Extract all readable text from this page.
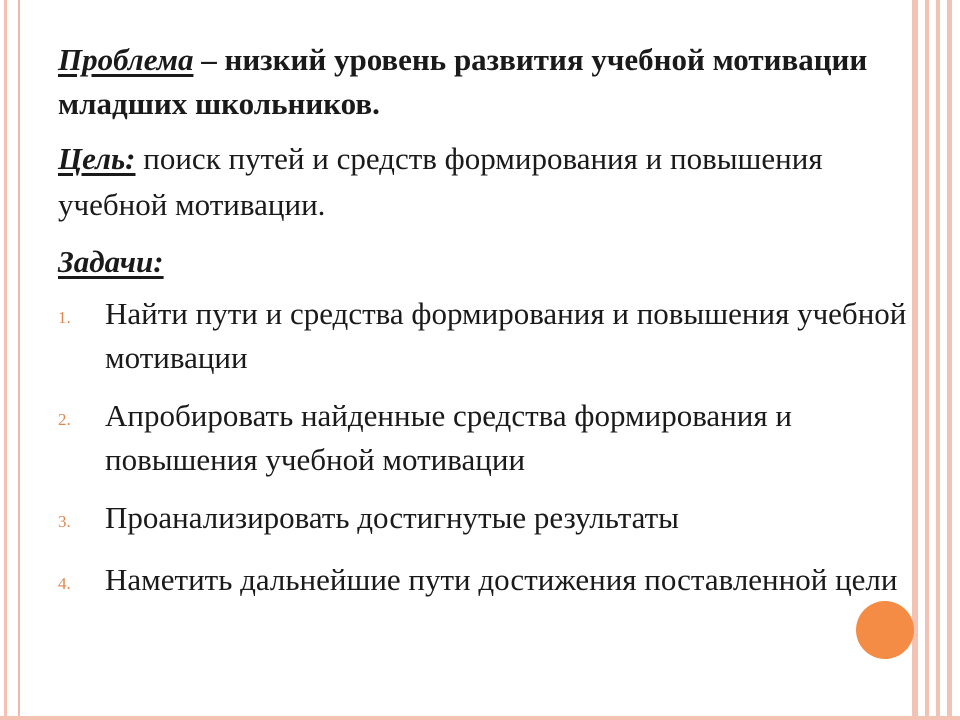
Проблема – низкий уровень развития учебной мотивации младших школьников.

Цель: поиск путей и средств формирования и повышения учебной мотивации.

Задачи:

1.	Найти пути и средства формирования и повышения учебной мотивации
2.	Апробировать найденные средства формирования и повышения учебной мотивации
3.	Проанализировать достигнутые результаты
4.	Наметить дальнейшие пути достижения поставленной цели
